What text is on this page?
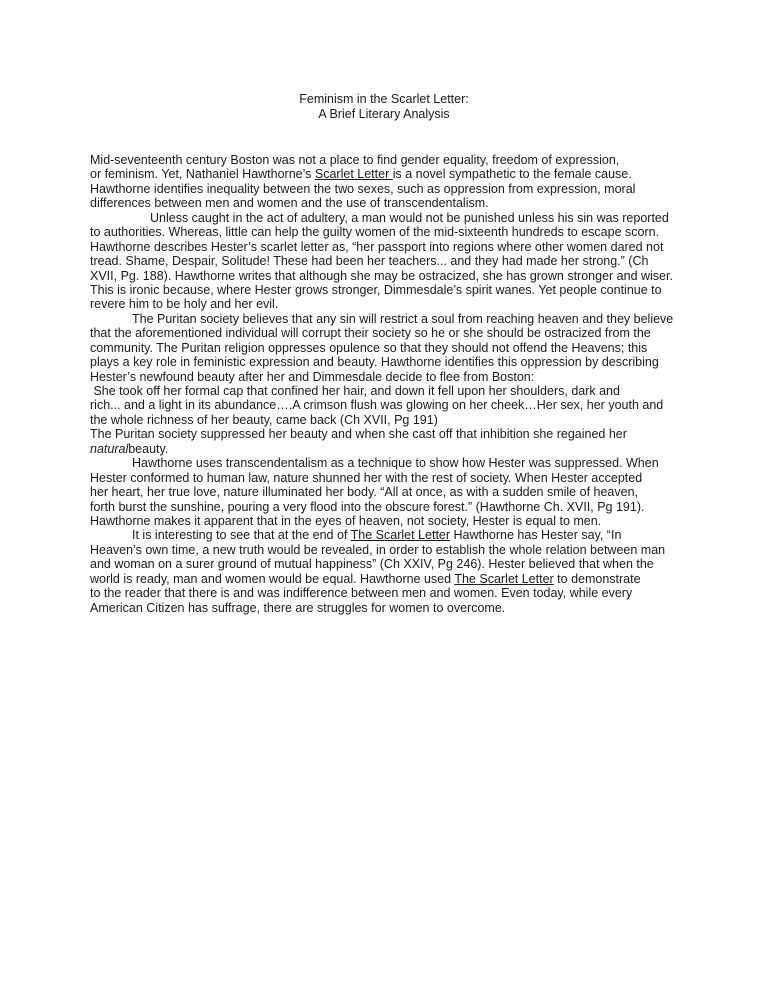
Feminism in the Scarlet Letter:
A Brief Literary Analysis
Mid-seventeenth century Boston was not a place to find gender equality, freedom of expression,
or feminism. Yet, Nathaniel Hawthorne’s Scarlet Letter is a novel sympathetic to the female cause.
Hawthorne identifies inequality between the two sexes, such as oppression from expression, moral
differences between men and women and the use of transcendentalism.
Unless caught in the act of adultery, a man would not be punished unless his sin was reported
to authorities. Whereas, little can help the guilty women of the mid-sixteenth hundreds to escape scorn.
Hawthorne describes Hester’s scarlet letter as, “her passport into regions where other women dared not
tread. Shame, Despair, Solitude! These had been her teachers... and they had made her strong.” (Ch
XVII, Pg. 188). Hawthorne writes that although she may be ostracized, she has grown stronger and wiser.
This is ironic because, where Hester grows stronger, Dimmesdale’s spirit wanes. Yet people continue to
revere him to be holy and her evil.
The Puritan society believes that any sin will restrict a soul from reaching heaven and they believe
that the aforementioned individual will corrupt their society so he or she should be ostracized from the
community. The Puritan religion oppresses opulence so that they should not offend the Heavens; this
plays a key role in feministic expression and beauty. Hawthorne identifies this oppression by describing
Hester’s newfound beauty after her and Dimmesdale decide to flee from Boston:
She took off her formal cap that confined her hair, and down it fell upon her shoulders, dark and
rich... and a light in its abundance….A crimson flush was glowing on her cheek…Her sex, her youth and
the whole richness of her beauty, came back (Ch XVII, Pg 191)
The Puritan society suppressed her beauty and when she cast off that inhibition she regained her
naturalbeauty.
Hawthorne uses transcendentalism as a technique to show how Hester was suppressed. When
Hester conformed to human law, nature shunned her with the rest of society. When Hester accepted
her heart, her true love, nature illuminated her body. “All at once, as with a sudden smile of heaven,
forth burst the sunshine, pouring a very flood into the obscure forest.” (Hawthorne Ch. XVII, Pg 191).
Hawthorne makes it apparent that in the eyes of heaven, not society, Hester is equal to men.
It is interesting to see that at the end of The Scarlet Letter Hawthorne has Hester say, “In
Heaven’s own time, a new truth would be revealed, in order to establish the whole relation between man
and woman on a surer ground of mutual happiness” (Ch XXIV, Pg 246). Hester believed that when the
world is ready, man and women would be equal. Hawthorne used The Scarlet Letter to demonstrate
to the reader that there is and was indifference between men and women. Even today, while every
American Citizen has suffrage, there are struggles for women to overcome.
